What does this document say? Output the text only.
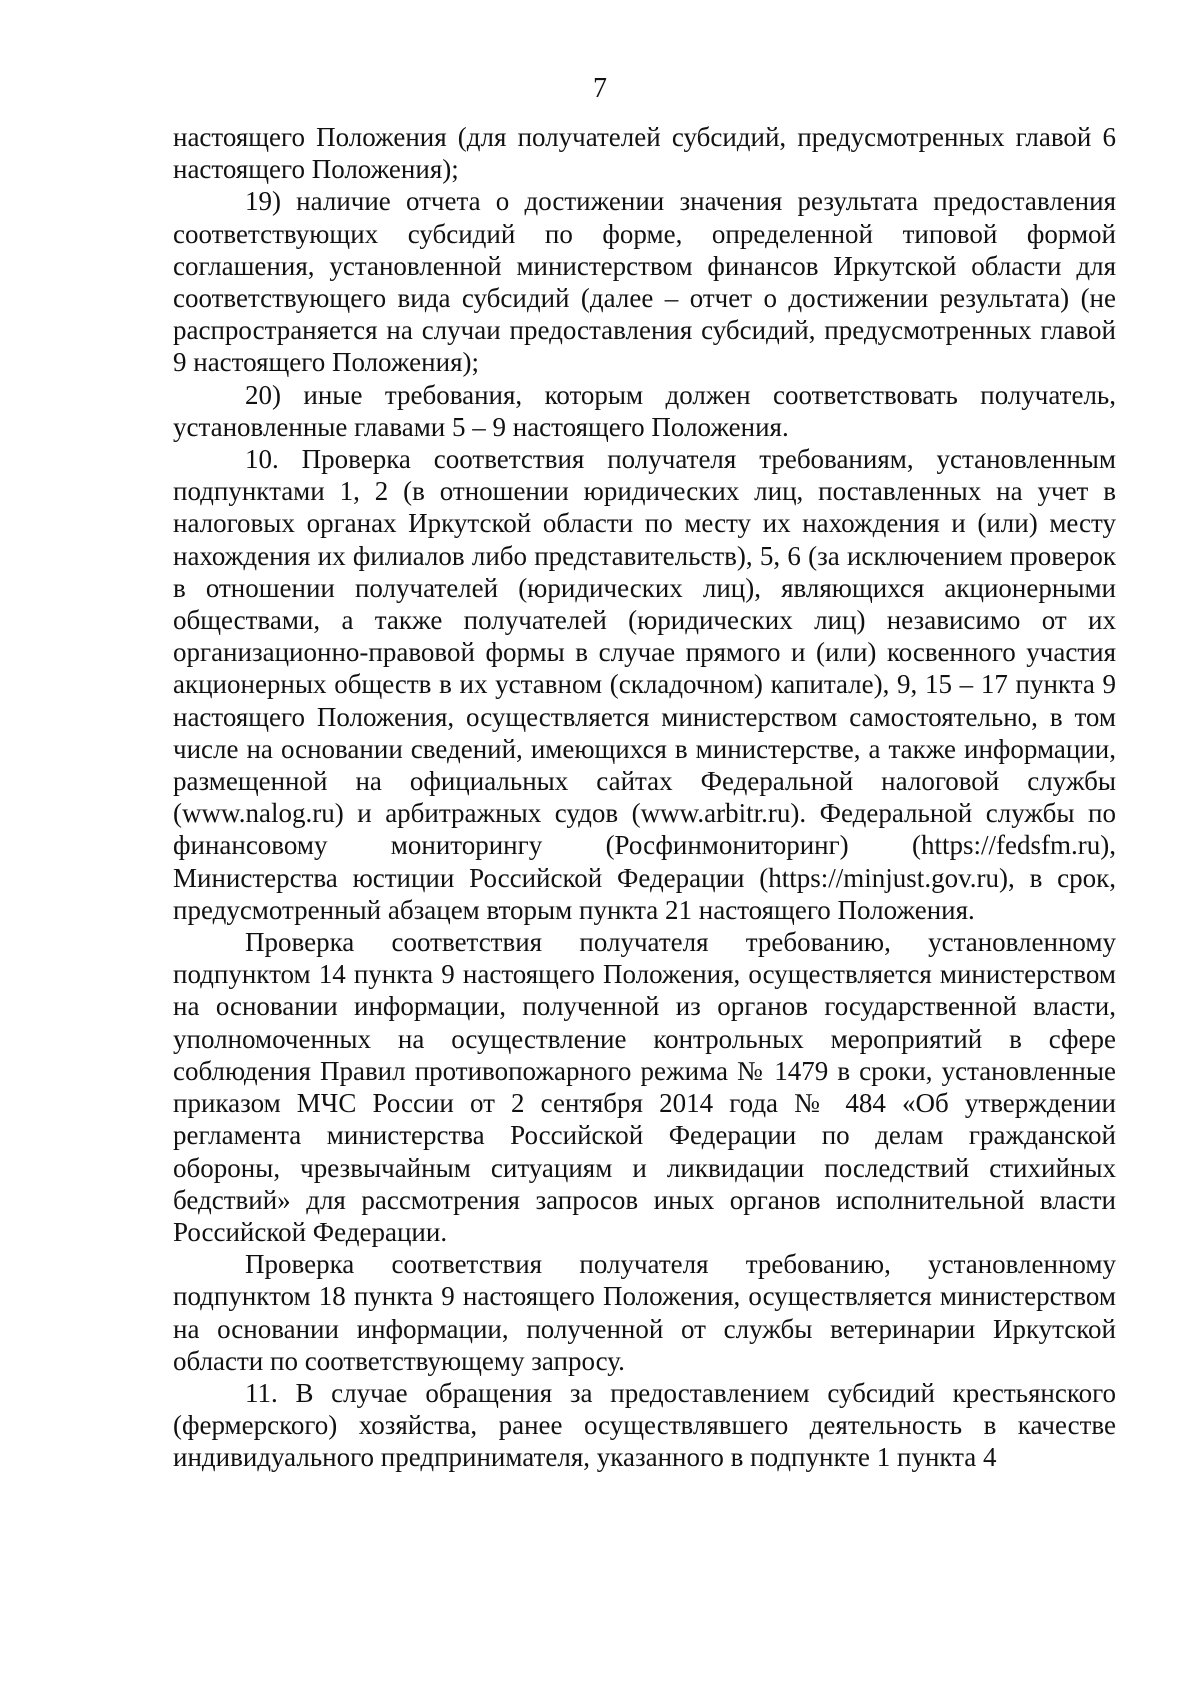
7

настоящего Положения (для получателей субсидий, предусмотренных главой 6 настоящего Положения);

19) наличие отчета о достижении значения результата предоставления соответствующих субсидий по форме, определенной типовой формой соглашения, установленной министерством финансов Иркутской области для соответствующего вида субсидий (далее – отчет о достижении результата) (не распространяется на случаи предоставления субсидий, предусмотренных главой 9 настоящего Положения);

20) иные требования, которым должен соответствовать получатель, установленные главами 5 – 9 настоящего Положения.

10. Проверка соответствия получателя требованиям, установленным подпунктами 1, 2 (в отношении юридических лиц, поставленных на учет в налоговых органах Иркутской области по месту их нахождения и (или) месту нахождения их филиалов либо представительств), 5, 6 (за исключением проверок в отношении получателей (юридических лиц), являющихся акционерными обществами, а также получателей (юридических лиц) независимо от их организационно-правовой формы в случае прямого и (или) косвенного участия акционерных обществ в их уставном (складочном) капитале), 9, 15 – 17 пункта 9 настоящего Положения, осуществляется министерством самостоятельно, в том числе на основании сведений, имеющихся в министерстве, а также информации, размещенной на официальных сайтах Федеральной налоговой службы (www.nalog.ru) и арбитражных судов (www.arbitr.ru). Федеральной службы по финансовому мониторингу (Росфинмониторинг) (https://fedsfm.ru), Министерства юстиции Российской Федерации (https://minjust.gov.ru), в срок, предусмотренный абзацем вторым пункта 21 настоящего Положения.

Проверка соответствия получателя требованию, установленному подпунктом 14 пункта 9 настоящего Положения, осуществляется министерством на основании информации, полученной из органов государственной власти, уполномоченных на осуществление контрольных мероприятий в сфере соблюдения Правил противопожарного режима № 1479 в сроки, установленные приказом МЧС России от 2 сентября 2014 года № 484 «Об утверждении регламента министерства Российской Федерации по делам гражданской обороны, чрезвычайным ситуациям и ликвидации последствий стихийных бедствий» для рассмотрения запросов иных органов исполнительной власти Российской Федерации.

Проверка соответствия получателя требованию, установленному подпунктом 18 пункта 9 настоящего Положения, осуществляется министерством на основании информации, полученной от службы ветеринарии Иркутской области по соответствующему запросу.

11. В случае обращения за предоставлением субсидий крестьянского (фермерского) хозяйства, ранее осуществлявшего деятельность в качестве индивидуального предпринимателя, указанного в подпункте 1 пункта 4
